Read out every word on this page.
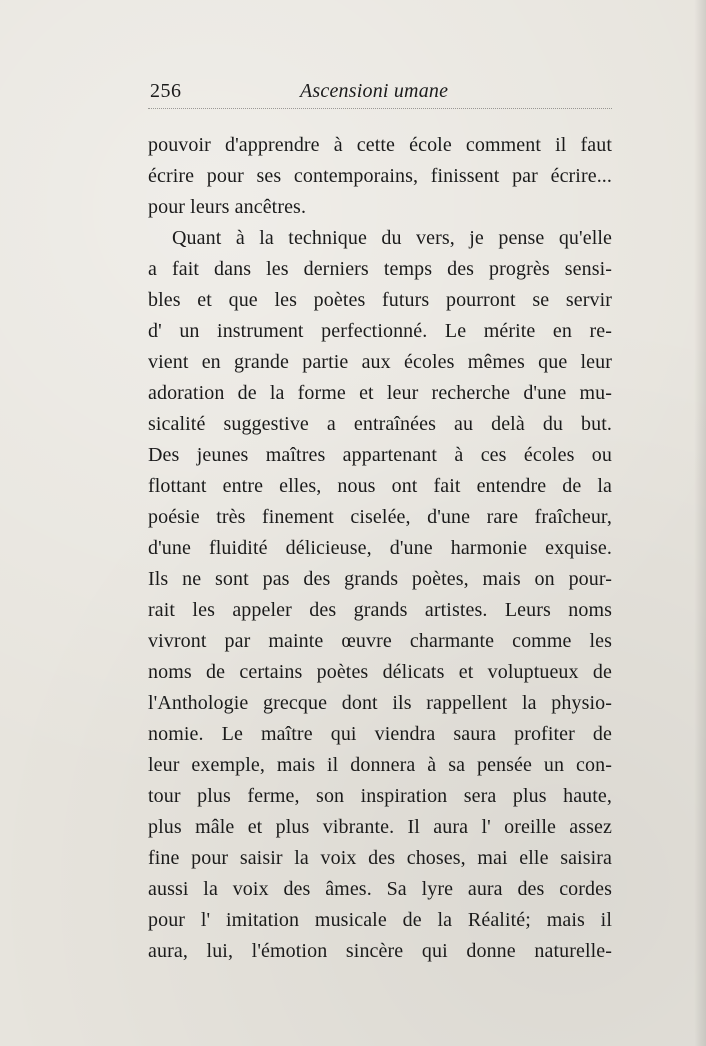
256	Ascensioni umane
pouvoir d'apprendre à cette école comment il faut
écrire pour ses contemporains, finissent par écrire...
pour leurs ancêtres.
Quant à la technique du vers, je pense qu'elle
a fait dans les derniers temps des progrès sensi-
bles et que les poètes futurs pourront se servir
d' un instrument perfectionné. Le mérite en re-
vient en grande partie aux écoles mêmes que leur
adoration de la forme et leur recherche d'une mu-
sicalité suggestive a entraînées au delà du but.
Des jeunes maîtres appartenant à ces écoles ou
flottant entre elles, nous ont fait entendre de la
poésie très finement ciselée, d'une rare fraîcheur,
d'une fluidité délicieuse, d'une harmonie exquise.
Ils ne sont pas des grands poètes, mais on pour-
rait les appeler des grands artistes. Leurs noms
vivront par mainte œuvre charmante comme les
noms de certains poètes délicats et voluptueux de
l'Anthologie grecque dont ils rappellent la physio-
nomie. Le maître qui viendra saura profiter de
leur exemple, mais il donnera à sa pensée un con-
tour plus ferme, son inspiration sera plus haute,
plus mâle et plus vibrante. Il aura l' oreille assez
fine pour saisir la voix des choses, mai elle saisira
aussi la voix des âmes. Sa lyre aura des cordes
pour l' imitation musicale de la Réalité; mais il
aura, lui, l'émotion sincère qui donne naturelle-
